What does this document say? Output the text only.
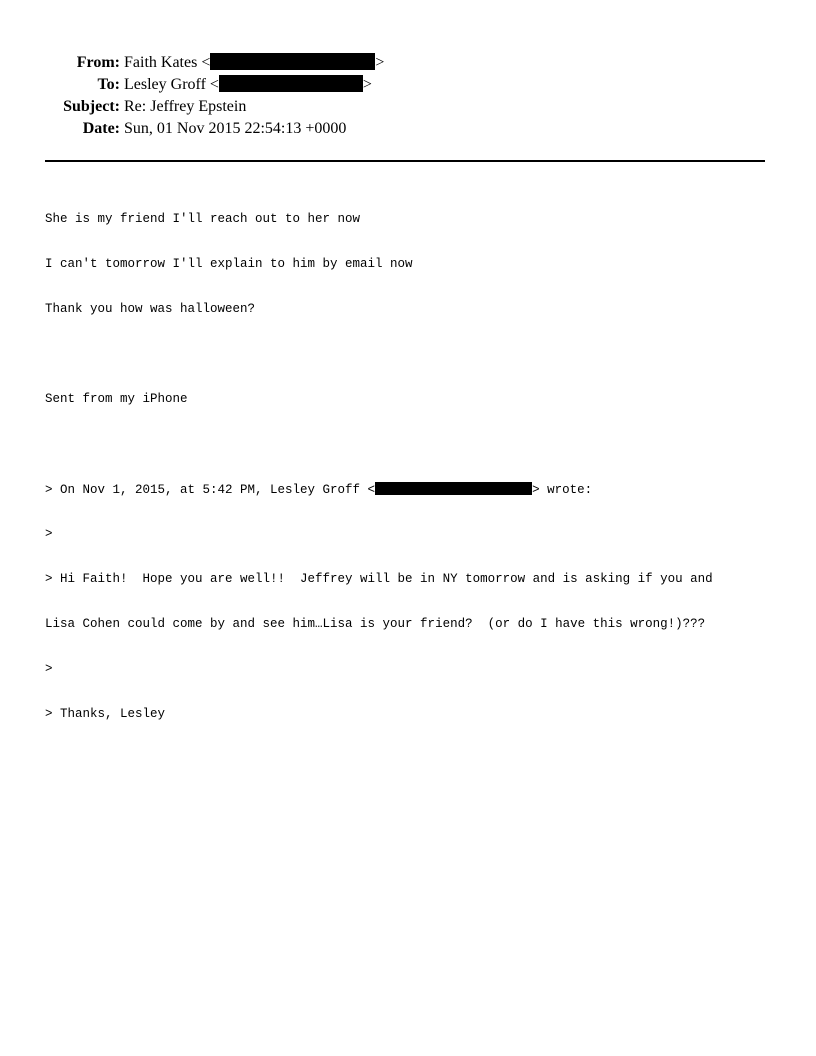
From: Faith Kates <	>
To: Lesley Groff <	>
Subject: Re: Jeffrey Epstein
Date: Sun, 01 Nov 2015 22:54:13 +0000

She is my friend I'll reach out to her now

I can't tomorrow I'll explain to him by email now

Thank you how was halloween?

Sent from my iPhone

> On Nov 1, 2015, at 5:42 PM, Lesley Groff <	> wrote:

>

> Hi Faith!  Hope you are well!!  Jeffrey will be in NY tomorrow and is asking if you and

Lisa Cohen could come by and see him…Lisa is your friend?  (or do I have this wrong!)???

>

> Thanks, Lesley
